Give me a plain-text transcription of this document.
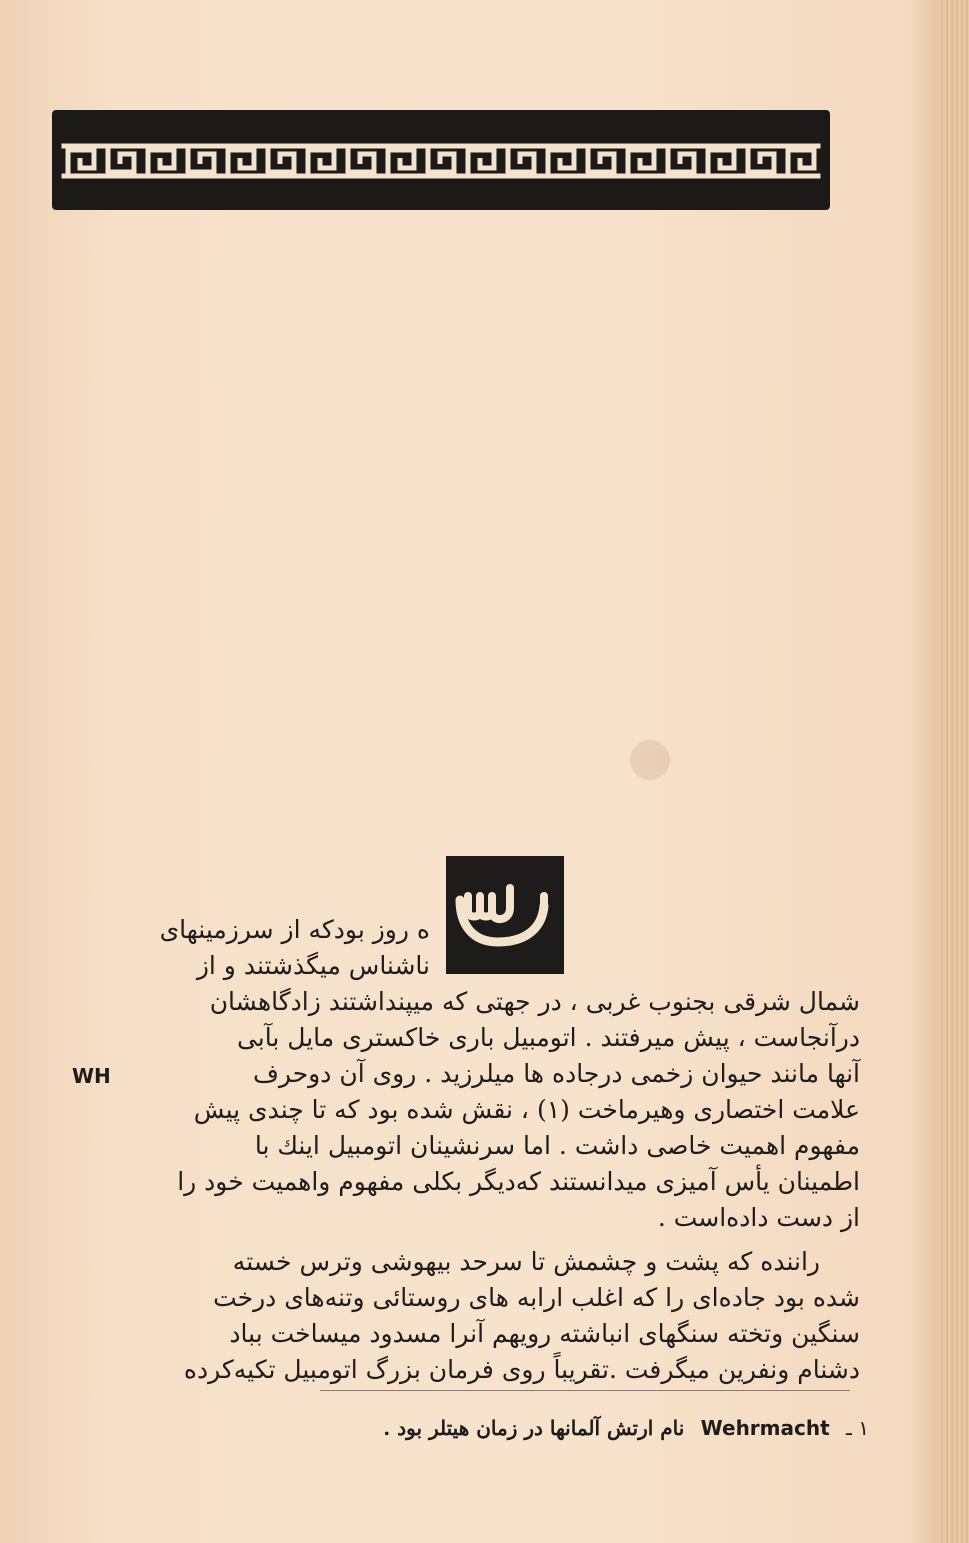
س
ه روز بودکه از سرزمینهای
ناشناس میگذشتند و از
شمال شرقی بجنوب غربی ، در جهتی که میپنداشتند زادگاهشان
درآنجاست ، پیش میرفتند . اتومبیل باری خاکستری مایل بآبی
آنها مانند حیوان زخمی درجاده ها میلرزید . روی آن دوحرف
علامت اختصاری وهیرماخت (۱) ، نقش شده بود که تا چندی پیش
مفهوم اهمیت خاصی داشت . اما سرنشینان اتومبیل اینك با
اطمینان یأس آمیزی میدانستند که‌دیگر بکلی مفهوم واهمیت خود را
از دست داده‌است .
WH
راننده که پشت و چشمش تا سرحد بیهوشی وترس خسته
شده بود جاده‌ای را که اغلب ارابه های روستائی وتنه‌های درخت
سنگین وتخته سنگهای انباشته رویهم آنرا مسدود میساخت بباد
دشنام ونفرین میگرفت .تقریباً روی فرمان بزرگ اتومبیل تکیه‌کرده
۱ ـ Wehrmacht نام ارتش آلمانها در زمان هیتلر بود .
